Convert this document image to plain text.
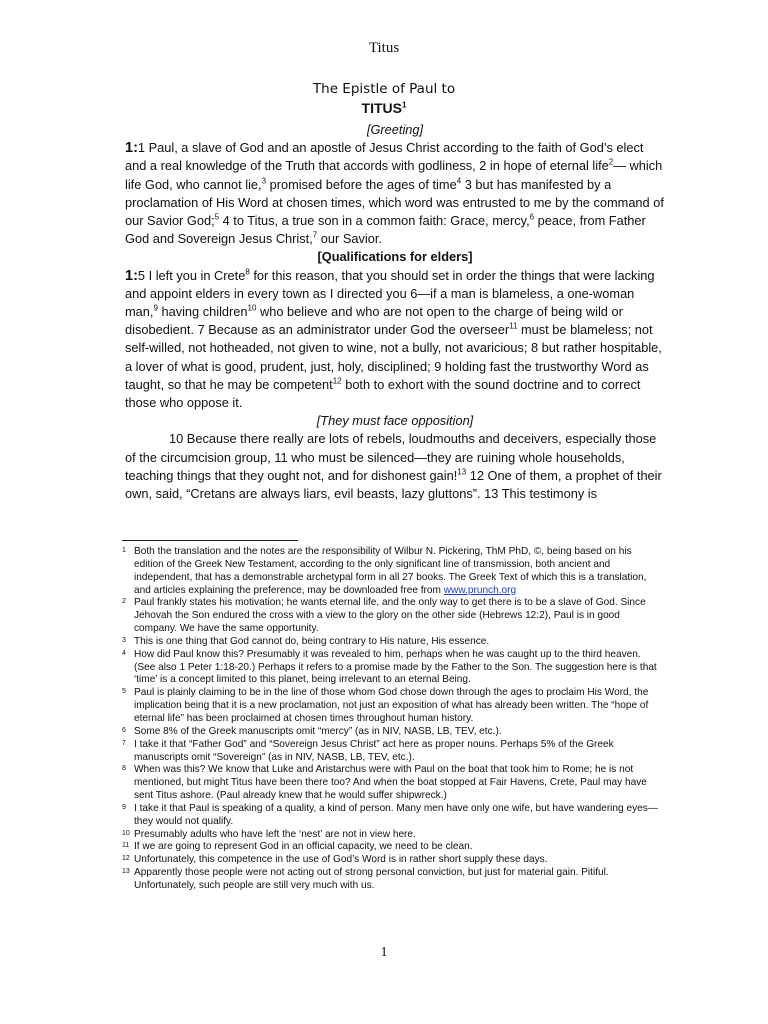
Titus
The Epistle of Paul to
TITUS$^1$
[Greeting]

1:1 Paul, a slave of God and an apostle of Jesus Christ according to the faith of God’s elect and a real knowledge of the Truth that accords with godliness, 2 in hope of eternal life$^2$— which life God, who cannot lie,$^3$ promised before the ages of time$^4$ 3 but has manifested by a proclamation of His Word at chosen times, which word was entrusted to me by the command of our Savior God;$^5$ 4 to Titus, a true son in a common faith: Grace, mercy,$^6$ peace, from Father God and Sovereign Jesus Christ,$^7$ our Savior.

[Qualifications for elders]

1:5 I left you in Crete$^8$ for this reason, that you should set in order the things that were lacking and appoint elders in every town as I directed you 6—if a man is blameless, a one-woman man,$^9$ having children$^{10}$ who believe and who are not open to the charge of being wild or disobedient. 7 Because as an administrator under God the overseer$^{11}$ must be blameless; not self-willed, not hotheaded, not given to wine, not a bully, not avaricious; 8 but rather hospitable, a lover of what is good, prudent, just, holy, disciplined; 9 holding fast the trustworthy Word as taught, so that he may be competent$^{12}$ both to exhort with the sound doctrine and to correct those who oppose it.

[They must face opposition]

10 Because there really are lots of rebels, loudmouths and deceivers, especially those of the circumcision group, 11 who must be silenced—they are ruining whole households, teaching things that they ought not, and for dishonest gain!$^{13}$ 12 One of them, a prophet of their own, said, “Cretans are always liars, evil beasts, lazy gluttons”. 13 This testimony is

1 Both the translation and the notes are the responsibility of Wilbur N. Pickering, ThM PhD, ©, being based on his edition of the Greek New Testament, according to the only significant line of transmission, both ancient and independent, that has a demonstrable archetypal form in all 27 books. The Greek Text of which this is a translation, and articles explaining the preference, may be downloaded free from www.prunch.org

2 Paul frankly states his motivation; he wants eternal life, and the only way to get there is to be a slave of God. Since Jehovah the Son endured the cross with a view to the glory on the other side (Hebrews 12:2), Paul is in good company. We have the same opportunity.

3 This is one thing that God cannot do, being contrary to His nature, His essence.

4 How did Paul know this? Presumably it was revealed to him, perhaps when he was caught up to the third heaven. (See also 1 Peter 1:18-20.) Perhaps it refers to a promise made by the Father to the Son. The suggestion here is that ‘time’ is a concept limited to this planet, being irrelevant to an eternal Being.

5 Paul is plainly claiming to be in the line of those whom God chose down through the ages to proclaim His Word, the implication being that it is a new proclamation, not just an exposition of what has already been written. The “hope of eternal life” has been proclaimed at chosen times throughout human history.

6 Some 8% of the Greek manuscripts omit “mercy” (as in NIV, NASB, LB, TEV, etc.).

7 I take it that “Father God” and “Sovereign Jesus Christ” act here as proper nouns. Perhaps 5% of the Greek manuscripts omit “Sovereign” (as in NIV, NASB, LB, TEV, etc.).

8 When was this? We know that Luke and Aristarchus were with Paul on the boat that took him to Rome; he is not mentioned, but might Titus have been there too? And when the boat stopped at Fair Havens, Crete, Paul may have sent Titus ashore. (Paul already knew that he would suffer shipwreck.)

9 I take it that Paul is speaking of a quality, a kind of person. Many men have only one wife, but have wandering eyes—they would not qualify.

10 Presumably adults who have left the ‘nest’ are not in view here.

11 If we are going to represent God in an official capacity, we need to be clean.

12 Unfortunately, this competence in the use of God’s Word is in rather short supply these days.

13 Apparently those people were not acting out of strong personal conviction, but just for material gain. Pitiful. Unfortunately, such people are still very much with us.

1
